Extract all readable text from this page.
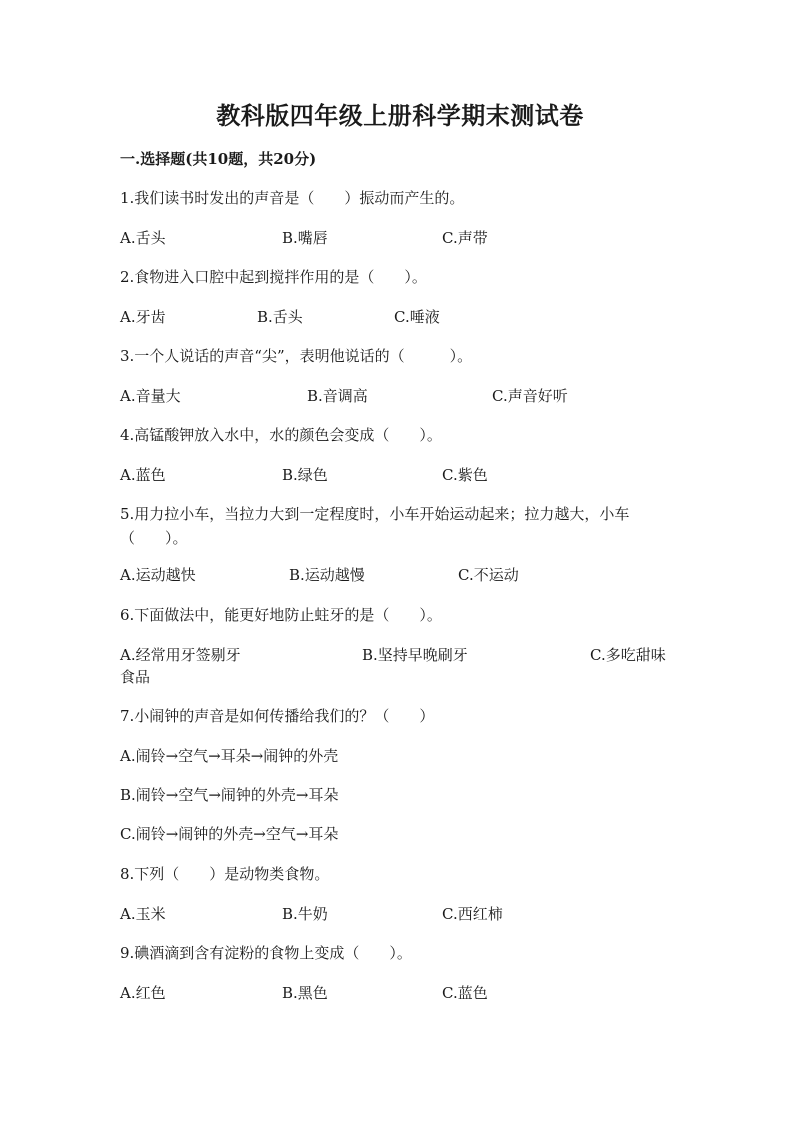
教科版四年级上册科学期末测试卷
一.选择题(共10题，共20分)
1.我们读书时发出的声音是（　　）振动而产生的。
A.舌头	B.嘴唇	C.声带
2.食物进入口腔中起到搅拌作用的是（　　）。
A.牙齿	B.舌头	C.唾液
3.一个人说话的声音“尖”，表明他说话的（　　　）。
A.音量大	B.音调高	C.声音好听
4.高锰酸钾放入水中，水的颜色会变成（　　）。
A.蓝色	B.绿色	C.紫色
5.用力拉小车，当拉力大到一定程度时，小车开始运动起来；拉力越大，小车（　　）。
A.运动越快	B.运动越慢	C.不运动
6.下面做法中，能更好地防止蛀牙的是（　　）。
A.经常用牙签剔牙	B.坚持早晚刷牙	C.多吃甜味
食品
7.小闹钟的声音是如何传播给我们的？（　　）
A.闹铃→空气→耳朵→闹钟的外壳
B.闹铃→空气→闹钟的外壳→耳朵
C.闹铃→闹钟的外壳→空气→耳朵
8.下列（　　）是动物类食物。
A.玉米	B.牛奶	C.西红柿
9.碘酒滴到含有淀粉的食物上变成（　　）。
A.红色	B.黑色	C.蓝色
